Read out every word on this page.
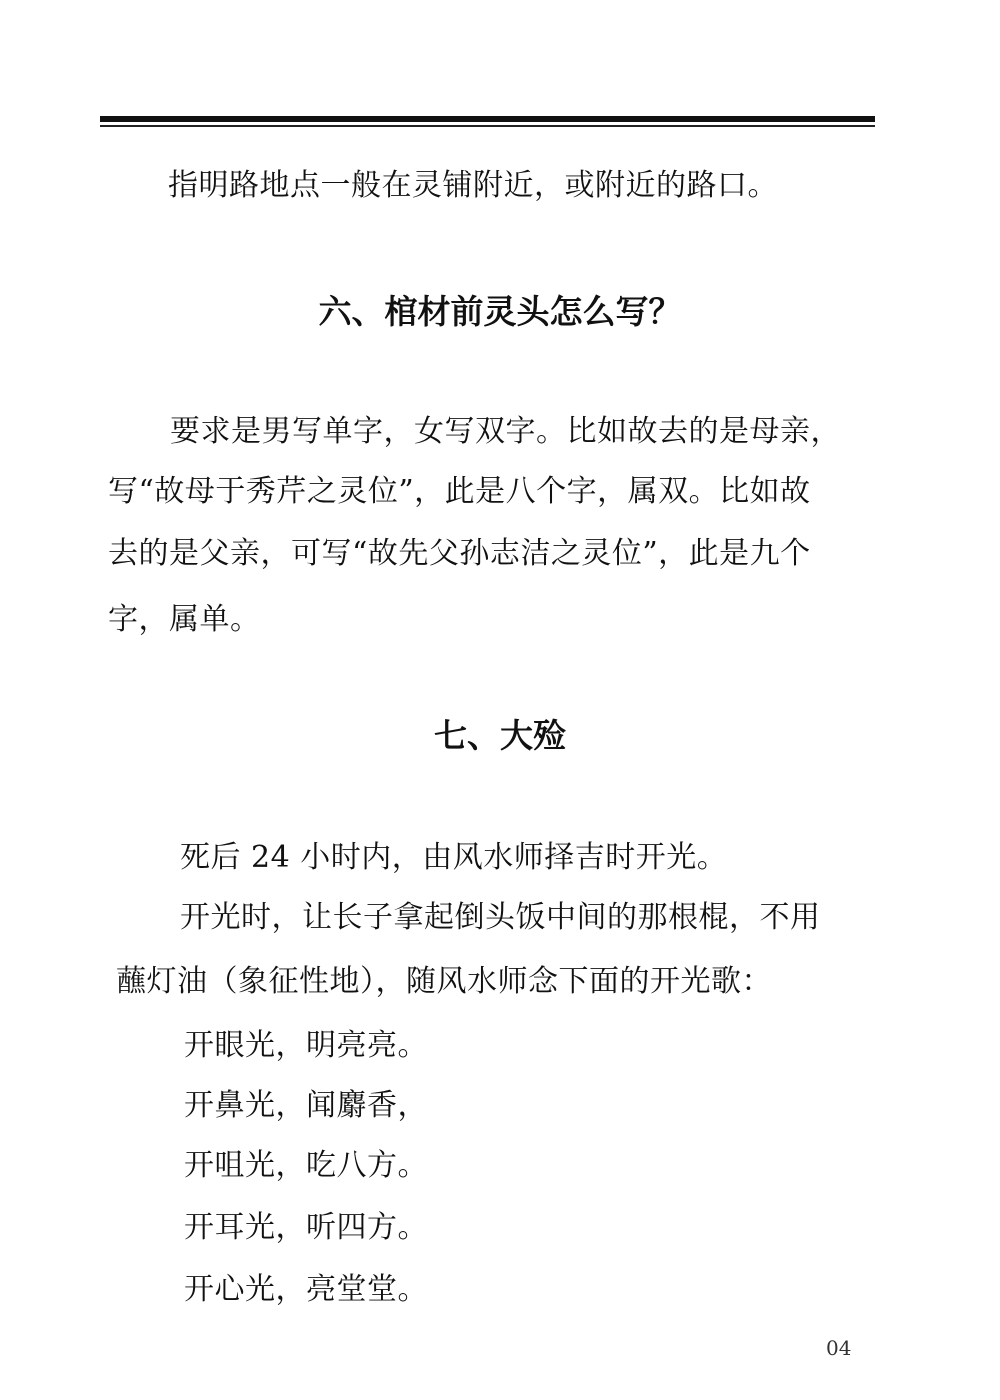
指明路地点一般在灵铺附近，或附近的路口。
六、棺材前灵头怎么写？
要求是男写单字，女写双字。比如故去的是母亲，
写“故母于秀芹之灵位”，此是八个字，属双。比如故
去的是父亲，可写“故先父孙志洁之灵位”，此是九个
字，属单。
七、大殓
死后 24 小时内，由风水师择吉时开光。
开光时，让长子拿起倒头饭中间的那根棍，不用
蘸灯油（象征性地），随风水师念下面的开光歌：
开眼光，明亮亮。
开鼻光，闻麝香，
开咀光，吃八方。
开耳光，听四方。
开心光，亮堂堂。
04
